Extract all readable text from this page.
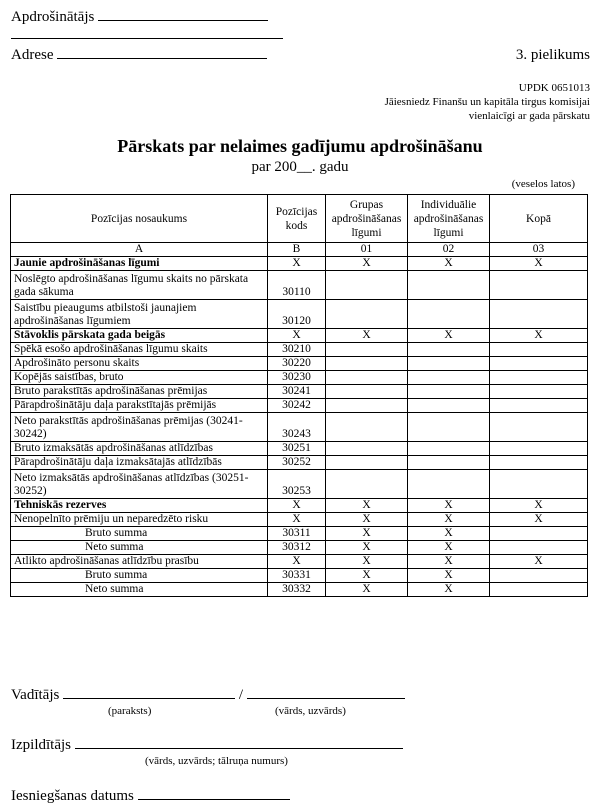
Apdrošinātājs
Adrese	3. pielikums
UPDK 0651013
Jāiesniedz Finanšu un kapitāla tirgus komisijai
vienlaicīgi ar gada pārskatu
Pārskats par nelaimes gadījumu apdrošināšanu
par 200__. gadu
(veselos latos)
Pozīcijas nosaukums	Pozīcijas kods	Grupas apdrošināšanas līgumi	Individuālie apdrošināšanas līgumi	Kopā
A	B	01	02	03
Jaunie apdrošināšanas līgumi	X	X	X	X
Noslēgto apdrošināšanas līgumu skaits no pārskata gada sākuma	30110			
Saistību pieaugums atbilstoši jaunajiem apdrošināšanas līgumiem	30120			
Stāvoklis pārskata gada beigās	X	X	X	X
Spēkā esošo apdrošināšanas līgumu skaits	30210			
Apdrošināto personu skaits	30220			
Kopējās saistības, bruto	30230			
Bruto parakstītās apdrošināšanas prēmijas	30241			
Pārapdrošinātāju daļa parakstītajās prēmijās	30242			
Neto parakstītās apdrošināšanas prēmijas (30241-30242)	30243			
Bruto izmaksātās apdrošināšanas atlīdzības	30251			
Pārapdrošinātāju daļa izmaksātajās atlīdzībās	30252			
Neto izmaksātās apdrošināšanas atlīdzības (30251-30252)	30253			
Tehniskās rezerves	X	X	X	X
Nenopelnīto prēmiju un neparedzēto risku	X	X	X	X
Bruto summa	30311	X	X	
Neto summa	30312	X	X	
Atlikto apdrošināšanas atlīdzību prasību	X	X	X	X
Bruto summa	30331	X	X	
Neto summa	30332	X	X	
Vadītājs	/
(paraksts)	(vārds, uzvārds)
Izpildītājs
(vārds, uzvārds; tālruņa numurs)
Iesniegšanas datums
